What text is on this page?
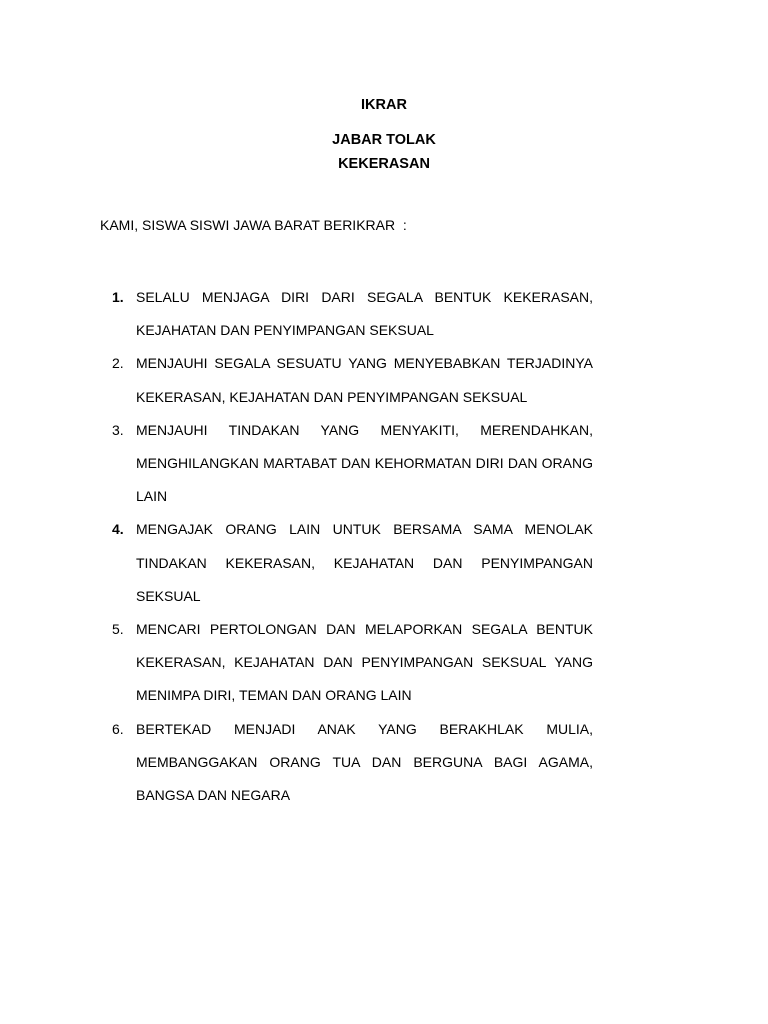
IKRAR
JABAR TOLAK
KEKERASAN
KAMI, SISWA SISWI JAWA BARAT BERIKRAR  :
1. SELALU MENJAGA DIRI DARI SEGALA BENTUK KEKERASAN, KEJAHATAN DAN PENYIMPANGAN SEKSUAL
2. MENJAUHI SEGALA SESUATU YANG MENYEBABKAN TERJADINYA KEKERASAN, KEJAHATAN DAN PENYIMPANGAN SEKSUAL
3. MENJAUHI TINDAKAN YANG MENYAKITI, MERENDAHKAN, MENGHILANGKAN MARTABAT DAN KEHORMATAN DIRI DAN ORANG LAIN
4. MENGAJAK ORANG LAIN UNTUK BERSAMA SAMA MENOLAK TINDAKAN KEKERASAN, KEJAHATAN DAN PENYIMPANGAN SEKSUAL
5. MENCARI PERTOLONGAN DAN MELAPORKAN SEGALA BENTUK KEKERASAN, KEJAHATAN DAN PENYIMPANGAN SEKSUAL YANG MENIMPA DIRI, TEMAN DAN ORANG LAIN
6. BERTEKAD MENJADI ANAK YANG BERAKHLAK MULIA, MEMBANGGAKAN ORANG TUA DAN BERGUNA BAGI AGAMA, BANGSA DAN NEGARA
